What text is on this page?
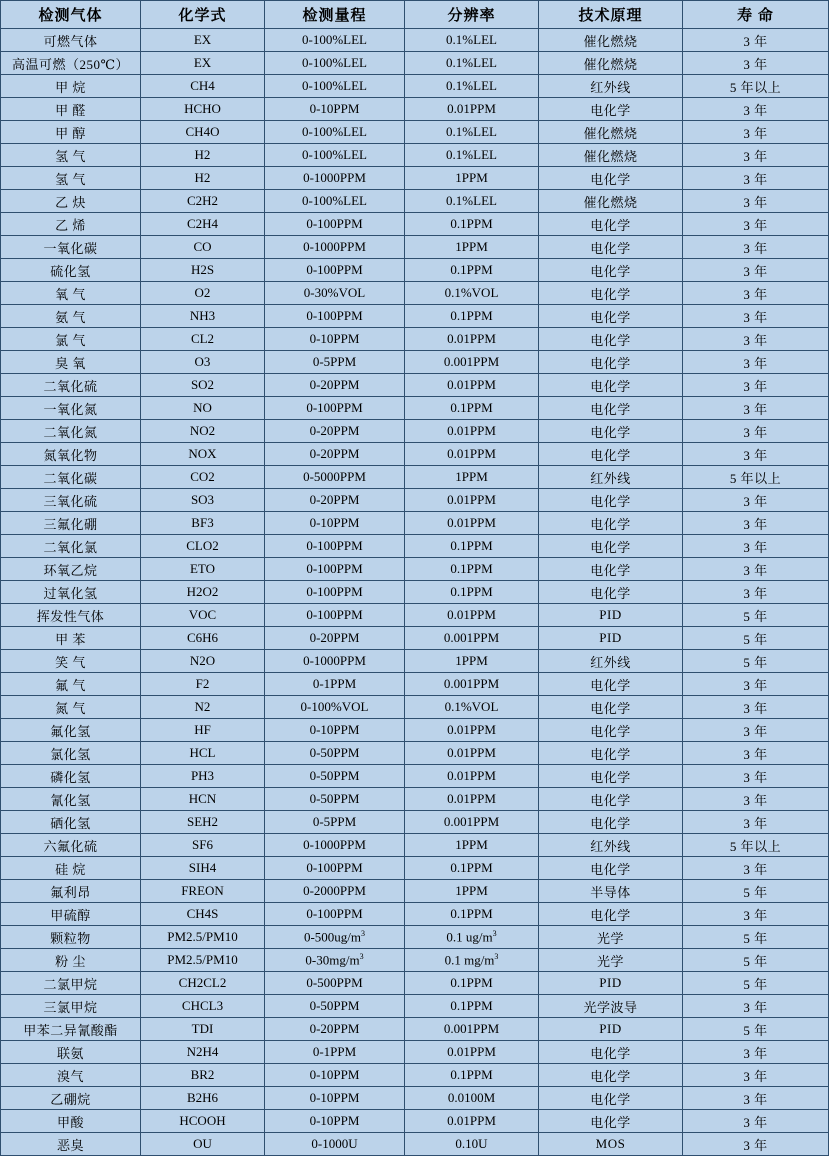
检测气体	化学式	检测量程	分辨率	技术原理	寿 命
可燃气体	EX	0-100%LEL	0.1%LEL	催化燃烧	3 年
高温可燃（250℃）	EX	0-100%LEL	0.1%LEL	催化燃烧	3 年
甲 烷	CH4	0-100%LEL	0.1%LEL	红外线	5 年以上
甲 醛	HCHO	0-10PPM	0.01PPM	电化学	3 年
甲 醇	CH4O	0-100%LEL	0.1%LEL	催化燃烧	3 年
氢 气	H2	0-100%LEL	0.1%LEL	催化燃烧	3 年
氢 气	H2	0-1000PPM	1PPM	电化学	3 年
乙 炔	C2H2	0-100%LEL	0.1%LEL	催化燃烧	3 年
乙 烯	C2H4	0-100PPM	0.1PPM	电化学	3 年
一氧化碳	CO	0-1000PPM	1PPM	电化学	3 年
硫化氢	H2S	0-100PPM	0.1PPM	电化学	3 年
氧 气	O2	0-30%VOL	0.1%VOL	电化学	3 年
氨 气	NH3	0-100PPM	0.1PPM	电化学	3 年
氯 气	CL2	0-10PPM	0.01PPM	电化学	3 年
臭 氧	O3	0-5PPM	0.001PPM	电化学	3 年
二氧化硫	SO2	0-20PPM	0.01PPM	电化学	3 年
一氧化氮	NO	0-100PPM	0.1PPM	电化学	3 年
二氧化氮	NO2	0-20PPM	0.01PPM	电化学	3 年
氮氧化物	NOX	0-20PPM	0.01PPM	电化学	3 年
二氧化碳	CO2	0-5000PPM	1PPM	红外线	5 年以上
三氧化硫	SO3	0-20PPM	0.01PPM	电化学	3 年
三氟化硼	BF3	0-10PPM	0.01PPM	电化学	3 年
二氧化氯	CLO2	0-100PPM	0.1PPM	电化学	3 年
环氧乙烷	ETO	0-100PPM	0.1PPM	电化学	3 年
过氧化氢	H2O2	0-100PPM	0.1PPM	电化学	3 年
挥发性气体	VOC	0-100PPM	0.01PPM	PID	5 年
甲 苯	C6H6	0-20PPM	0.001PPM	PID	5 年
笑 气	N2O	0-1000PPM	1PPM	红外线	5 年
氟 气	F2	0-1PPM	0.001PPM	电化学	3 年
氮 气	N2	0-100%VOL	0.1%VOL	电化学	3 年
氟化氢	HF	0-10PPM	0.01PPM	电化学	3 年
氯化氢	HCL	0-50PPM	0.01PPM	电化学	3 年
磷化氢	PH3	0-50PPM	0.01PPM	电化学	3 年
氰化氢	HCN	0-50PPM	0.01PPM	电化学	3 年
硒化氢	SEH2	0-5PPM	0.001PPM	电化学	3 年
六氟化硫	SF6	0-1000PPM	1PPM	红外线	5 年以上
硅 烷	SIH4	0-100PPM	0.1PPM	电化学	3 年
氟利昂	FREON	0-2000PPM	1PPM	半导体	5 年
甲硫醇	CH4S	0-100PPM	0.1PPM	电化学	3 年
颗粒物	PM2.5/PM10	$0-500ug/m^3$	0.1 $ug/m^3$	光学	5 年
粉 尘	PM2.5/PM10	$0-30mg/m^3$	0.1 $mg/m^3$	光学	5 年
二氯甲烷	CH2CL2	0-500PPM	0.1PPM	PID	5 年
三氯甲烷	CHCL3	0-50PPM	0.1PPM	光学波导	3 年
甲苯二异氰酸酯	TDI	0-20PPM	0.001PPM	PID	5 年
联氨	N2H4	0-1PPM	0.01PPM	电化学	3 年
溴气	BR2	0-10PPM	0.1PPM	电化学	3 年
乙硼烷	B2H6	0-10PPM	0.0100M	电化学	3 年
甲酸	HCOOH	0-10PPM	0.01PPM	电化学	3 年
恶臭	OU	0-1000U	0.10U	MOS	3 年
